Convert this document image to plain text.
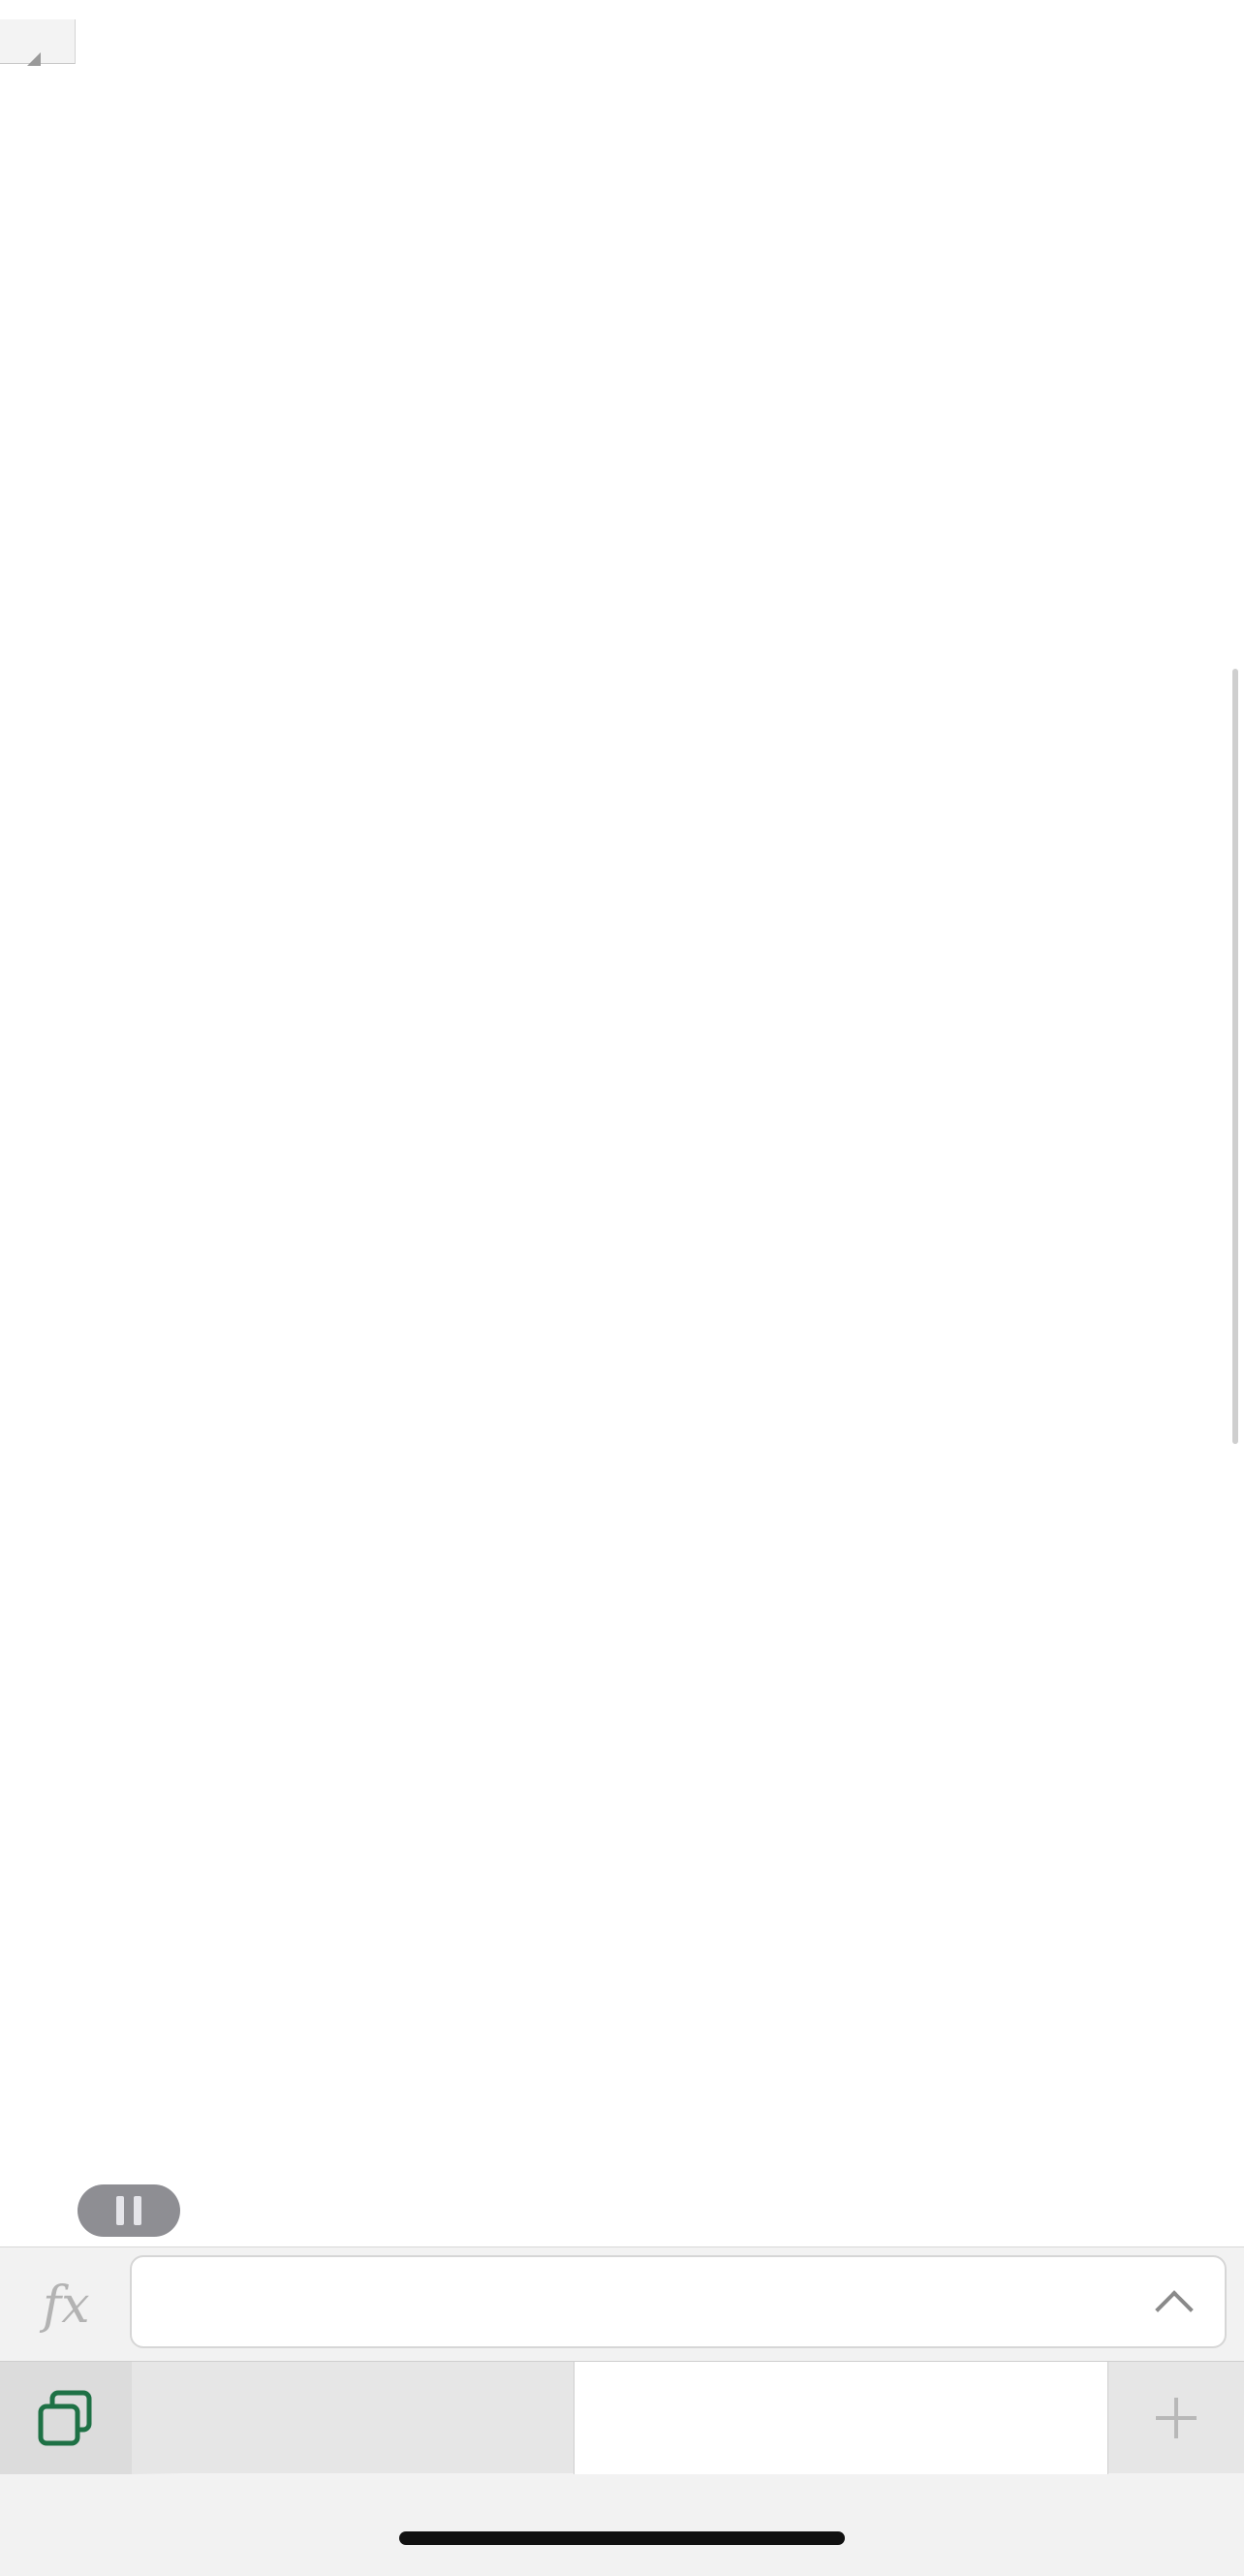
fx
